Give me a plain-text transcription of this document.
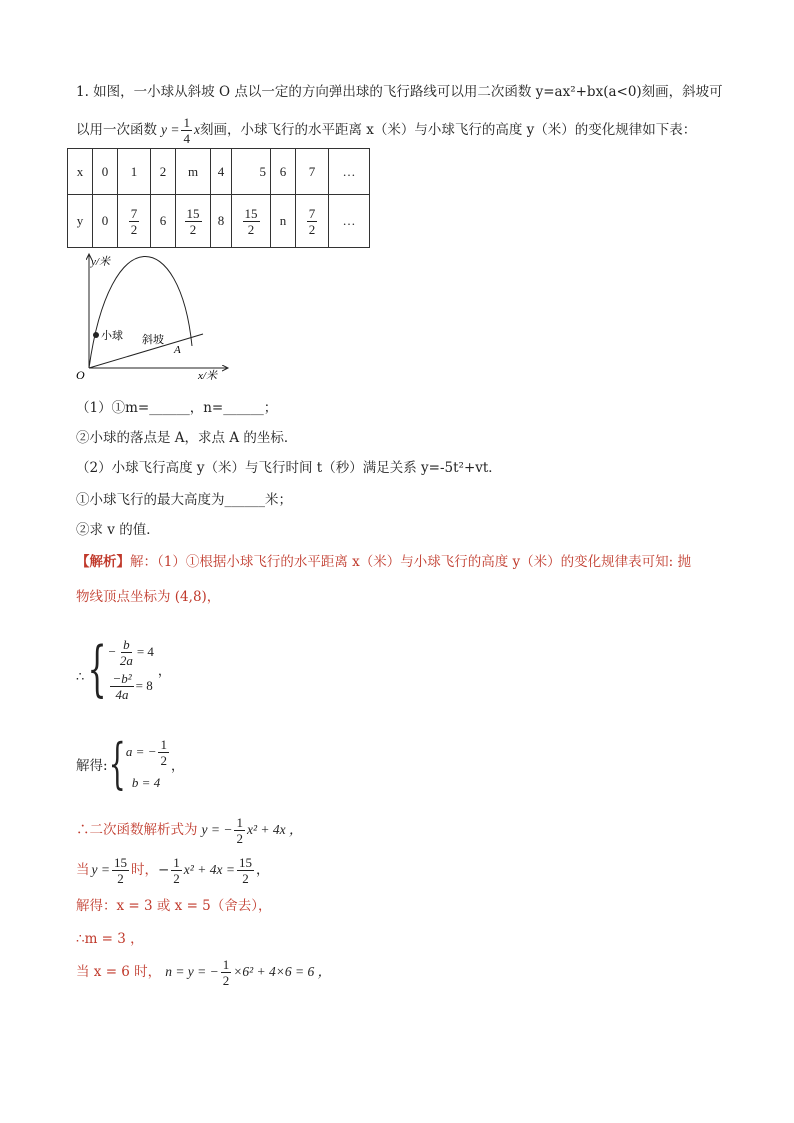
1. 如图，一小球从斜坡 O 点以一定的方向弹出球的飞行路线可以用二次函数 y=ax²+bx(a<0)刻画，斜坡可
以用一次函数 $y = \frac{1}{4}$ x 刻画，小球飞行的水平距离 x（米）与小球飞行的高度 y（米）的变化规律如下表：
x	0	1	2	m	4	5	6	7	…
y	0	$\frac{7}{2}$	6	$\frac{15}{2}$	8	$\frac{15}{2}$	n	$\frac{7}{2}$	…
y/米
x/米
O
小球 斜坡
A
（1）①m=______，n=______；
②小球的落点是 A，求点 A 的坐标．
（2）小球飞行高度 y（米）与飞行时间 t（秒）满足关系 y=-5t²+vt．
①小球飞行的最大高度为______米；
②求 v 的值．
【解析】解：（1）①根据小球飞行的水平距离 x（米）与小球飞行的高度 y（米）的变化规律表可知: 抛
物线顶点坐标为 (4,8)，
∴ { − $\frac{b}{2a} = 4$
$\frac{\text{−b²}}{4a} = 8$
，
解得: { a = − $\frac{1}{2}$
b = 4
，
∴二次函数解析式为 y = − $\frac{1}{2} x^2 + 4x$ ，
当 $y = \frac{15}{2}$ 时， − $\frac{1}{2} x^2 + 4x = \frac{15}{2}$ ，
解得：x = 3 或 x = 5（舍去），
∴m = 3 ，
当 x = 6 时， n = y = − $\frac{1}{2} \times 6^2 + 4\times 6 = 6$ ，
